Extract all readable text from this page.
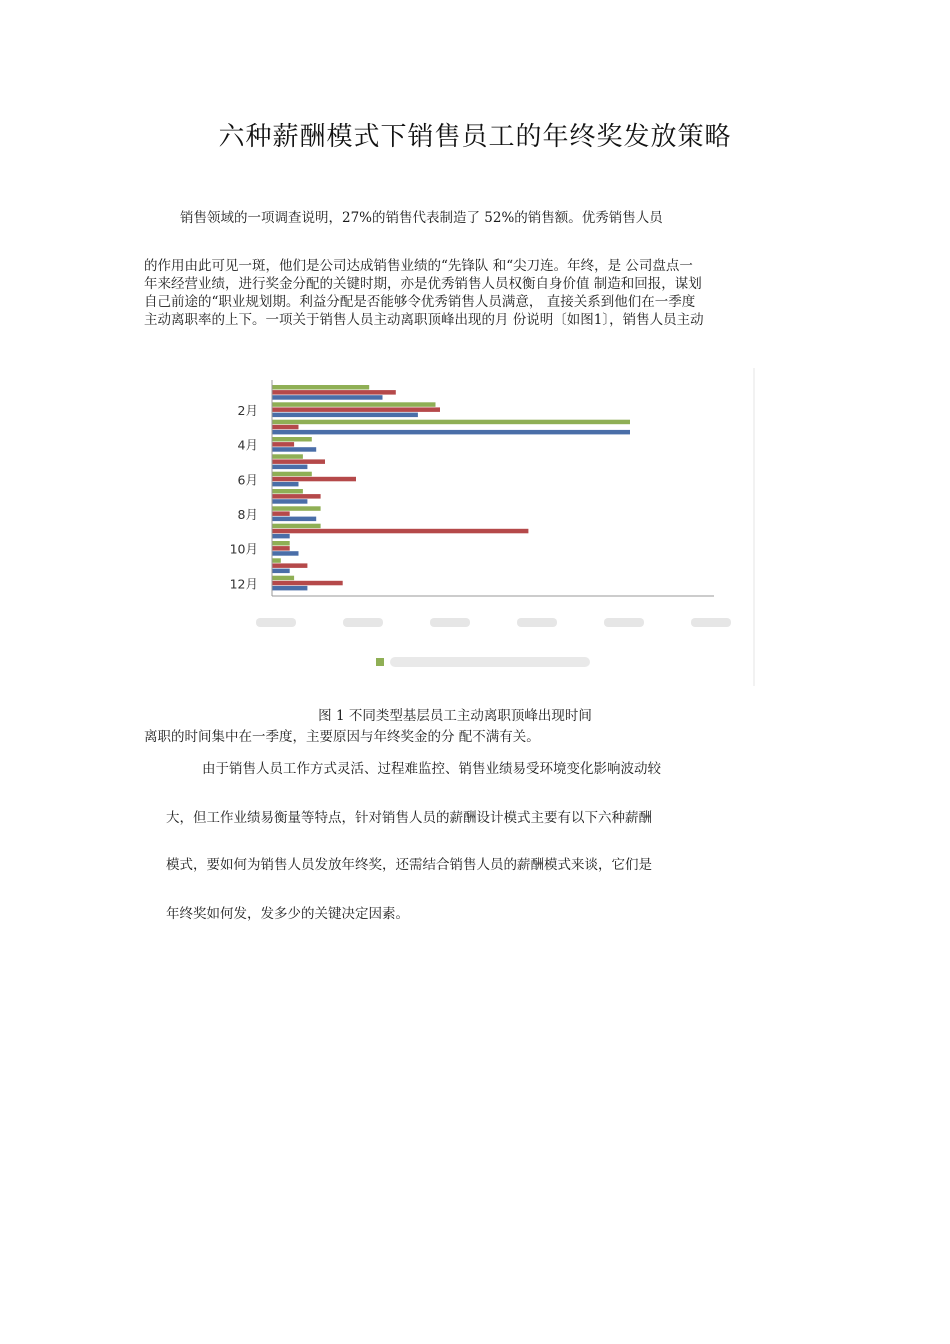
六种薪酬模式下销售员工的年终奖发放策略
销售领域的一项调查说明，27%的销售代表制造了 52%的销售额。优秀销售人员
的作用由此可见一斑，他们是公司达成销售业绩的“先锋队 和“尖刀连。年终，是 公司盘点一
年来经营业绩，进行奖金分配的关键时期，亦是优秀销售人员权衡自身价值 制造和回报，谋划
自己前途的“职业规划期。利益分配是否能够令优秀销售人员满意， 直接关系到他们在一季度
主动离职率的上下。一项关于销售人员主动离职顶峰出现的月 份说明〔如图1〕，销售人员主动
2月
4月
6月
8月
10月
12月
图 1 不同类型基层员工主动离职顶峰出现时间
离职的时间集中在一季度，主要原因与年终奖金的分 配不满有关。
由于销售人员工作方式灵活、过程难监控、销售业绩易受环境变化影响波动较
大，但工作业绩易衡量等特点，针对销售人员的薪酬设计模式主要有以下六种薪酬
模式，要如何为销售人员发放年终奖，还需结合销售人员的薪酬模式来谈，它们是
年终奖如何发，发多少的关键决定因素。
